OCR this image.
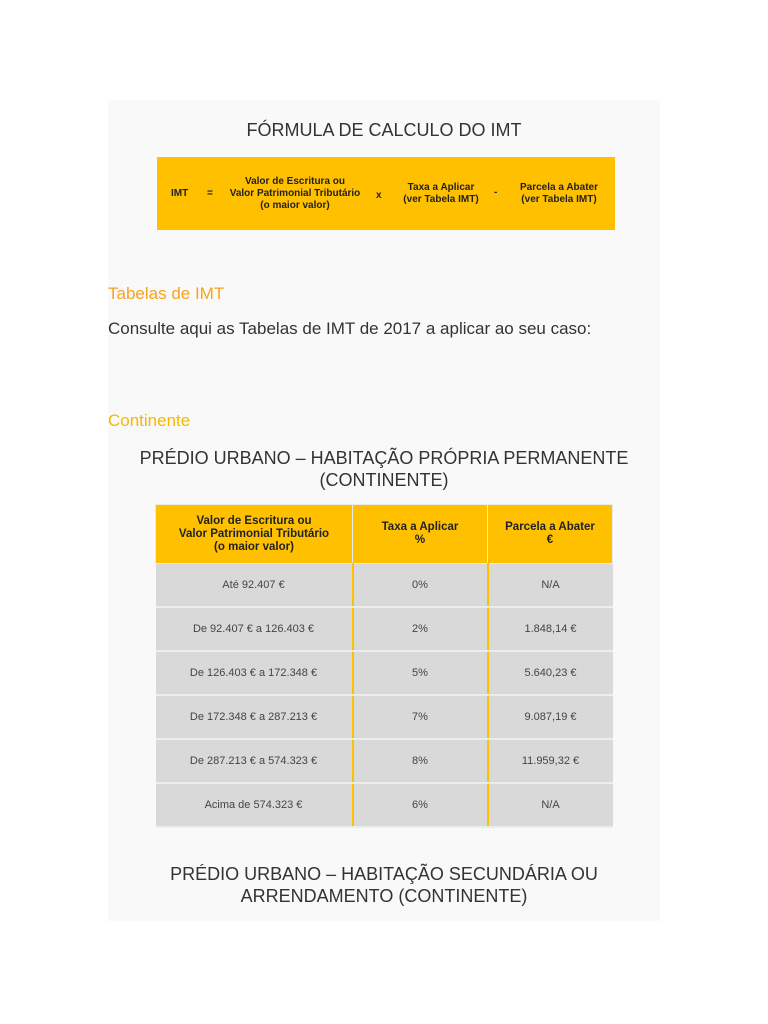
FÓRMULA DE CALCULO DO IMT
IMT =
Valor de Escritura ou
Valor Patrimonial Tributário
(o maior valor)
x
Taxa a Aplicar
(ver Tabela IMT)
-	Parcela a Abater
(ver Tabela IMT)
Tabelas de IMT
Consulte aqui as Tabelas de IMT de 2017 a aplicar ao seu caso:
Continente
PRÉDIO URBANO – HABITAÇÃO PRÓPRIA PERMANENTE (CONTINENTE)
Valor de Escritura ou
Valor Patrimonial Tributário
(o maior valor)	Taxa a Aplicar
%	Parcela a Abater
€
Até 92.407 €	0%	N/A
De 92.407 € a 126.403 €	2%	1.848,14 €
De 126.403 € a 172.348 €	5%	5.640,23 €
De 172.348 € a 287.213 €	7%	9.087,19 €
De 287.213 € a 574.323 €	8%	11.959,32 €
Acima de 574.323 €	6%	N/A
PRÉDIO URBANO – HABITAÇÃO SECUNDÁRIA OU ARRENDAMENTO (CONTINENTE)
